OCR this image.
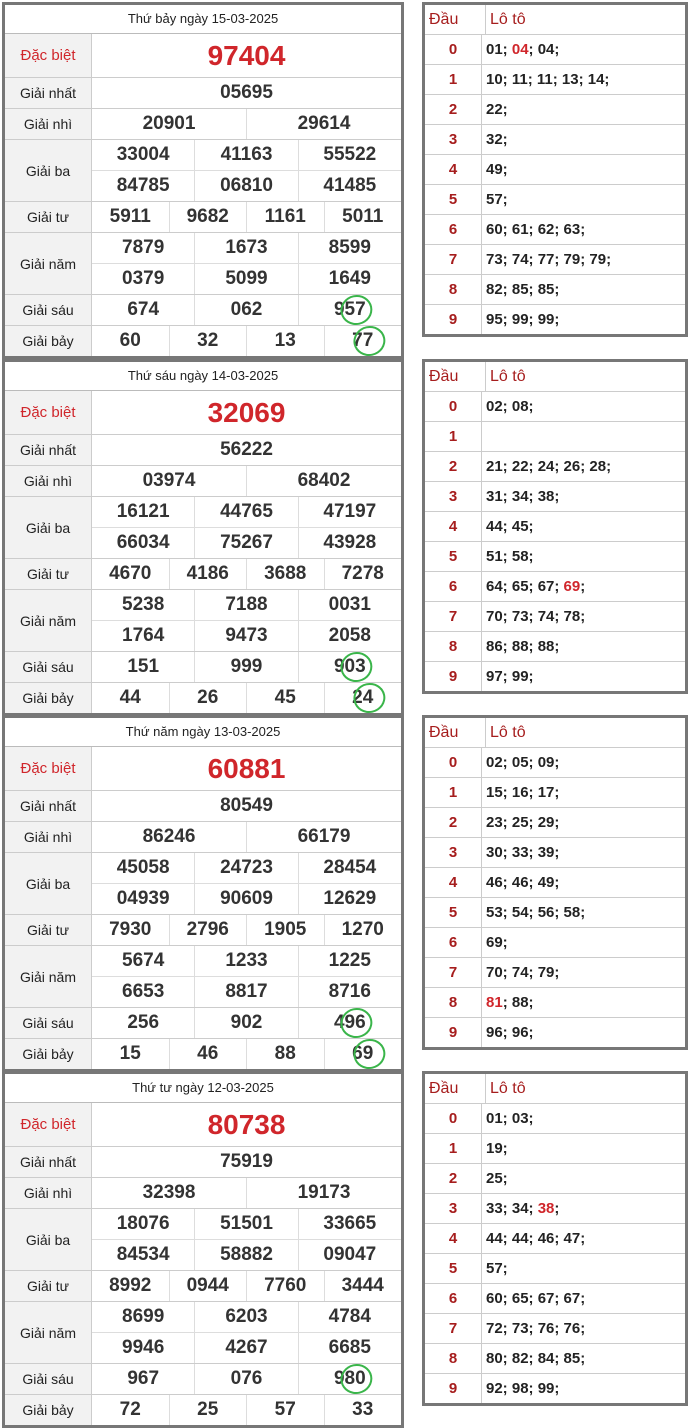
Thứ bảy ngày 15-03-2025
Đặc biệt	97404
Giải nhất	05695
Giải nhì	20901	29614
Giải ba
33004	41163	55522
84785	06810	41485
Giải tư	5911	9682	1161	5011
Giải năm
7879	1673	8599
0379	5099	1649
Giải sáu	674	062	957
Giải bảy	60	32	13	77
Đầu	Lô tô
0	01; 04 ; 04;
1	10; 11; 11; 13; 14;
2	22;
3	32;
4	49;
5	57;
6	60; 61; 62; 63;
7	73; 74; 77; 79; 79;
8	82; 85; 85;
9	95; 99; 99;
Thứ sáu ngày 14-03-2025
Đặc biệt	32069
Giải nhất	56222
Giải nhì	03974	68402
Giải ba
16121	44765	47197
66034	75267	43928
Giải tư	4670	4186	3688	7278
Giải năm
5238	7188	0031
1764	9473	2058
Giải sáu	151	999	903
Giải bảy	44	26	45	24
Đầu	Lô tô
0	02; 08;
1
2	21; 22; 24; 26; 28;
3	31; 34; 38;
4	44; 45;
5	51; 58;
6	64; 65; 67; 69 ;
7	70; 73; 74; 78;
8	86; 88; 88;
9	97; 99;
Thứ năm ngày 13-03-2025
Đặc biệt	60881
Giải nhất	80549
Giải nhì	86246	66179
Giải ba
45058	24723	28454
04939	90609	12629
Giải tư	7930	2796	1905	1270
Giải năm
5674	1233	1225
6653	8817	8716
Giải sáu	256	902	496
Giải bảy	15	46	88	69
Đầu	Lô tô
0	02; 05; 09;
1	15; 16; 17;
2	23; 25; 29;
3	30; 33; 39;
4	46; 46; 49;
5	53; 54; 56; 58;
6	69;
7	70; 74; 79;
8	81 ; 88;
9	96; 96;
Thứ tư ngày 12-03-2025
Đặc biệt	80738
Giải nhất	75919
Giải nhì	32398	19173
Giải ba
18076	51501	33665
84534	58882	09047
Giải tư	8992	0944	7760	3444
Giải năm
8699	6203	4784
9946	4267	6685
Giải sáu	967	076	980
Giải bảy	72	25	57	33
Đầu	Lô tô
0	01; 03;
1	19;
2	25;
3	33; 34; 38 ;
4	44; 44; 46; 47;
5	57;
6	60; 65; 67; 67;
7	72; 73; 76; 76;
8	80; 82; 84; 85;
9	92; 98; 99;
